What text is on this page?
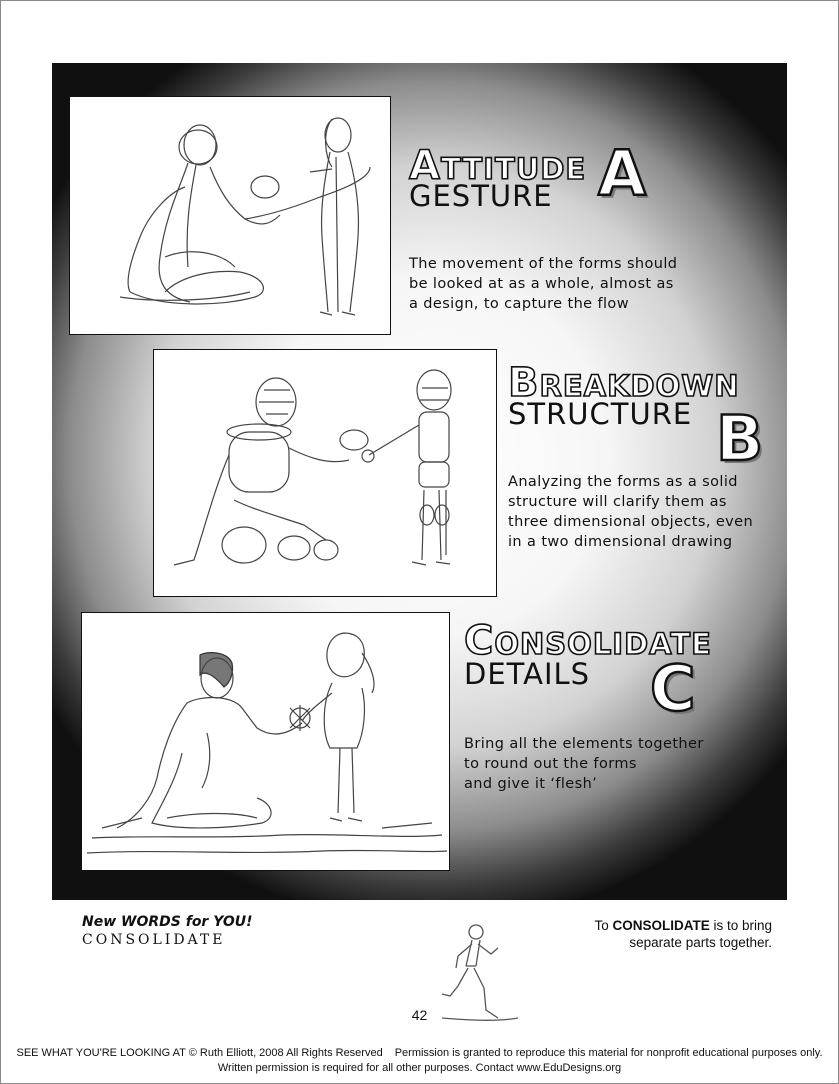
ATTITUDE
GESTURE A
The movement of the forms should
be looked at as a whole, almost as
a design, to capture the flow
BREAKDOWN
STRUCTURE B
Analyzing the forms as a solid
structure will clarify them as
three dimensional objects, even
in a two dimensional drawing
CONSOLIDATE
DETAILS C
Bring all the elements together
to round out the forms
and give it ‘flesh’
New WORDS for YOU!
CONSOLIDATE
To CONSOLIDATE is to bring
separate parts together.
42
SEE WHAT YOU'RE LOOKING AT © Ruth Elliott, 2008 All Rights Reserved Permission is granted to reproduce this material for nonprofit educational purposes only.
Written permission is required for all other purposes. Contact www.EduDesigns.org
